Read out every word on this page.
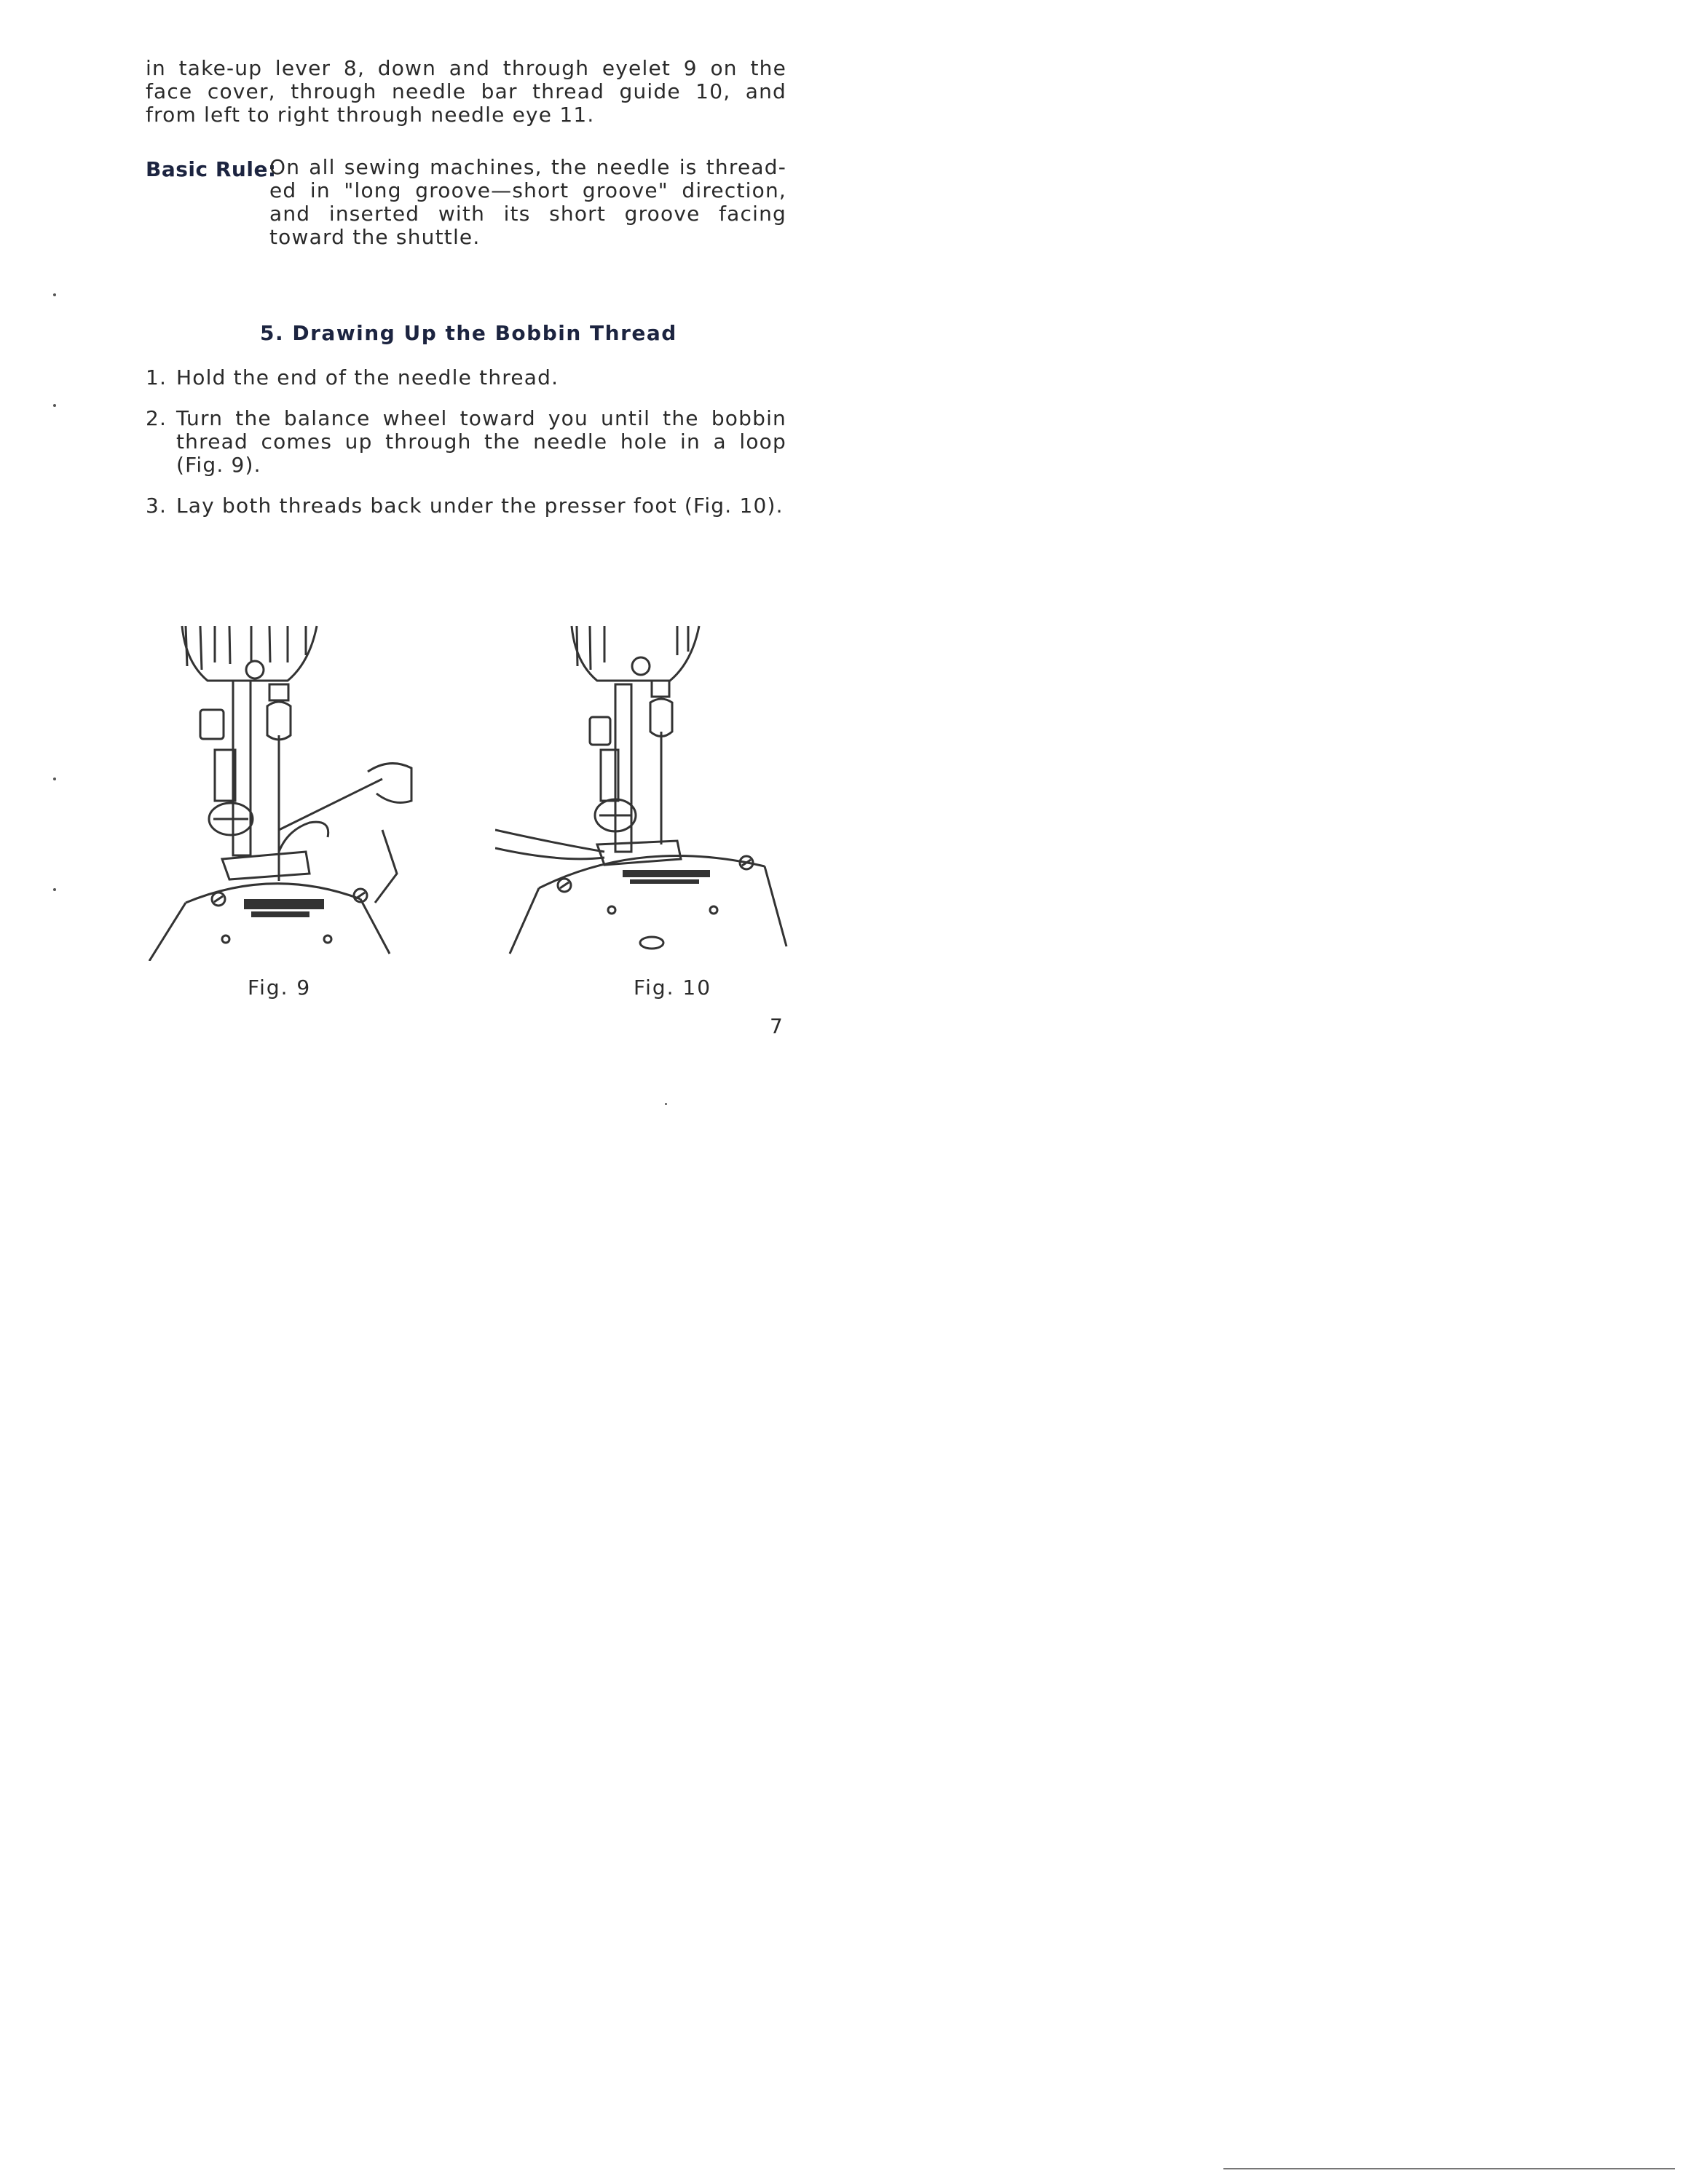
in take-up lever 8, down and through eyelet 9 on the
face cover, through needle bar thread guide 10, and
from left to right through needle eye 11.
Basic Rule:
On all sewing machines, the needle is thread-
ed in "long groove—short groove" direction,
and inserted with its short groove facing
toward the shuttle.
5. Drawing Up the Bobbin Thread
1. Hold the end of the needle thread.
2. Turn the balance wheel toward you until the bobbin
thread comes up through the needle hole in a loop
(Fig. 9).
3. Lay both threads back under the presser foot (Fig. 10).
Fig. 9	Fig. 10
7
